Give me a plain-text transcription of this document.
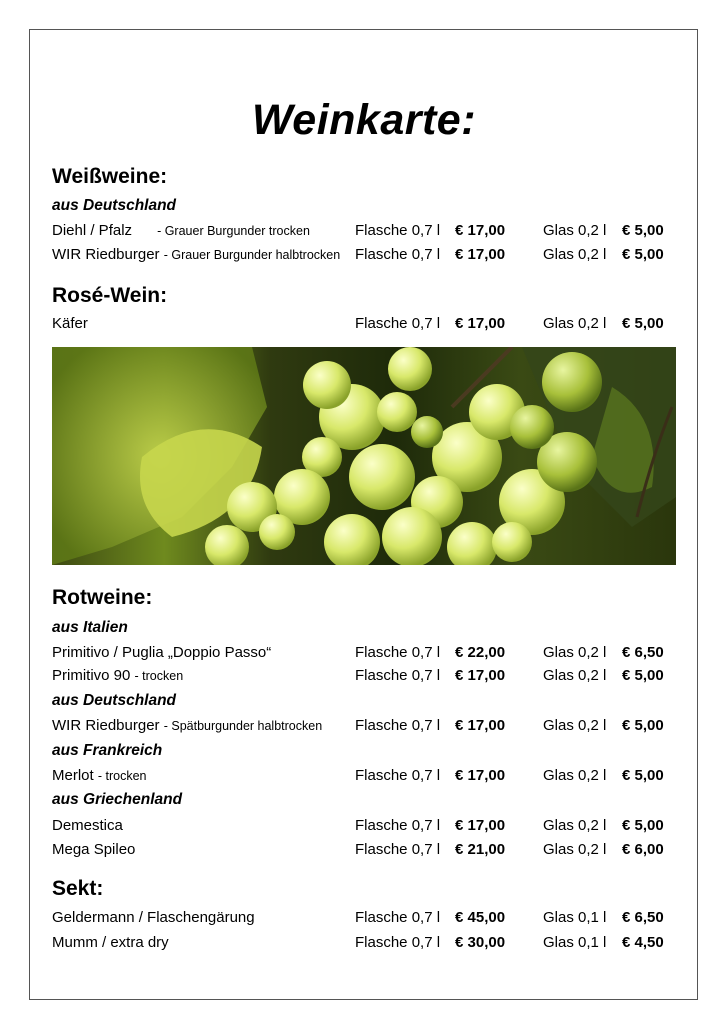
Weinkarte:
Weißweine:
aus Deutschland
Diehl / Pfalz - Grauer Burgunder trocken	Flasche 0,7 l € 17,00	Glas 0,2 l € 5,00
WIR Riedburger - Grauer Burgunder halbtrocken Flasche 0,7 l € 17,00	Glas 0,2 l € 5,00
Rosé-Wein:
Käfer	Flasche 0,7 l € 17,00	Glas 0,2 l € 5,00
Rotweine:
aus Italien
Primitivo / Puglia „Doppio Passo“	Flasche 0,7 l € 22,00	Glas 0,2 l € 6,50
Primitivo 90 - trocken	Flasche 0,7 l € 17,00	Glas 0,2 l € 5,00
aus Deutschland
WIR Riedburger - Spätburgunder halbtrocken Flasche 0,7 l € 17,00	Glas 0,2 l € 5,00
aus Frankreich
Merlot - trocken	Flasche 0,7 l € 17,00	Glas 0,2 l € 5,00
aus Griechenland
Demestica	Flasche 0,7 l € 17,00	Glas 0,2 l € 5,00
Mega Spileo	Flasche 0,7 l € 21,00	Glas 0,2 l € 6,00
Sekt:
Geldermann / Flaschengärung	Flasche 0,7 l € 45,00	Glas 0,1 l € 6,50
Mumm / extra dry	Flasche 0,7 l € 30,00	Glas 0,1 l € 4,50
